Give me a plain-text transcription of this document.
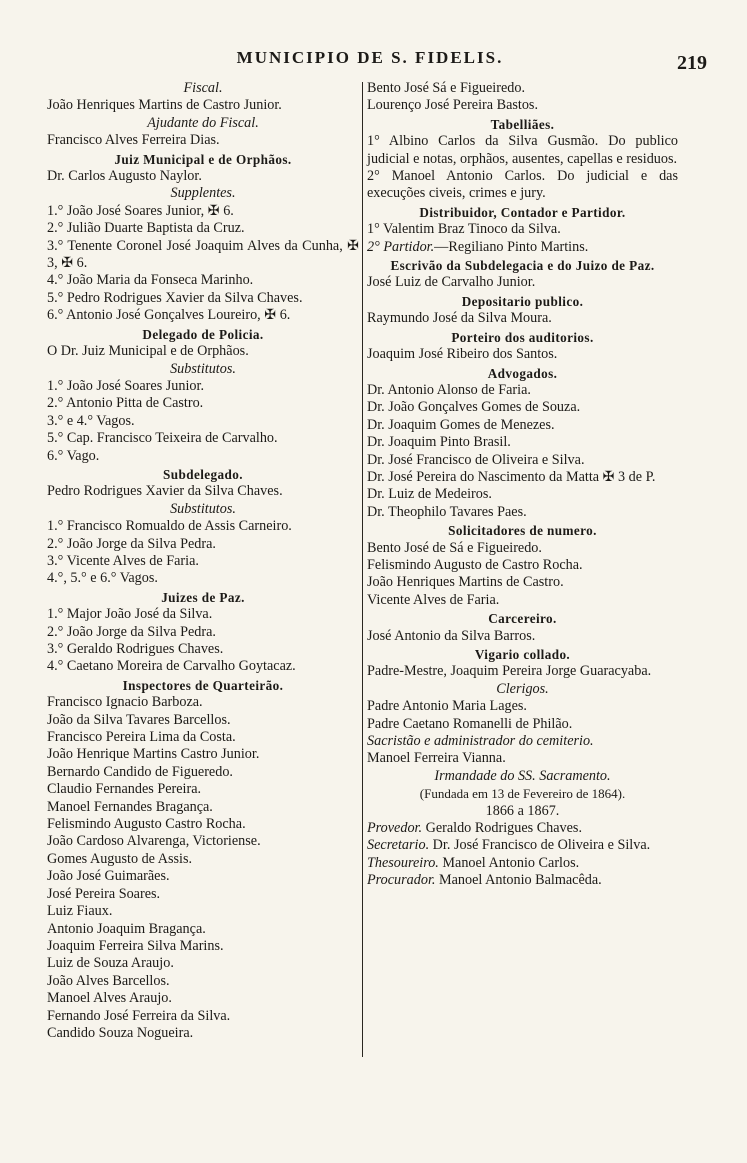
MUNICIPIO DE S. FIDELIS.	219
Fiscal.
João Henriques Martins de Castro Junior.
Ajudante do Fiscal.
Francisco Alves Ferreira Dias.
Juiz Municipal e de Orphãos.
Dr. Carlos Augusto Naylor.
Supplentes.
1.° João José Soares Junior, ✠ 6.
2.° Julião Duarte Baptista da Cruz.
3.° Tenente Coronel José Joaquim Alves da Cunha, ✠ 3, ✠ 6.
4.° João Maria da Fonseca Marinho.
5.° Pedro Rodrigues Xavier da Silva Chaves.
6.° Antonio José Gonçalves Loureiro, ✠ 6.
Delegado de Policia.
O Dr. Juiz Municipal e de Orphãos.
Substitutos.
1.° João José Soares Junior.
2.° Antonio Pitta de Castro.
3.° e 4.° Vagos.
5.° Cap. Francisco Teixeira de Carvalho.
6.° Vago.
Subdelegado.
Pedro Rodrigues Xavier da Silva Chaves.
Substitutos.
1.° Francisco Romualdo de Assis Carneiro.
2.° João Jorge da Silva Pedra.
3.° Vicente Alves de Faria.
4.°, 5.° e 6.° Vagos.
Juizes de Paz.
1.° Major João José da Silva.
2.° João Jorge da Silva Pedra.
3.° Geraldo Rodrigues Chaves.
4.° Caetano Moreira de Carvalho Goytacaz.
Inspectores de Quarteirão.
Francisco Ignacio Barboza.
João da Silva Tavares Barcellos.
Francisco Pereira Lima da Costa.
João Henrique Martins Castro Junior.
Bernardo Candido de Figueredo.
Claudio Fernandes Pereira.
Manoel Fernandes Bragança.
Felismindo Augusto Castro Rocha.
João Cardoso Alvarenga, Victoriense.
Gomes Augusto de Assis.
João José Guimarães.
José Pereira Soares.
Luiz Fiaux.
Antonio Joaquim Bragança.
Joaquim Ferreira Silva Marins.
Luiz de Souza Araujo.
João Alves Barcellos.
Manoel Alves Araujo.
Fernando José Ferreira da Silva.
Candido Souza Nogueira.
Bento José Sá e Figueiredo.
Lourenço José Pereira Bastos.
Tabelliães.
1° Albino Carlos da Silva Gusmão. Do publico judicial e notas, orphãos, ausentes, capellas e residuos.
2° Manoel Antonio Carlos. Do judicial e das execuções civeis, crimes e jury.
Distribuidor, Contador e Partidor.
1° Valentim Braz Tinoco da Silva.
2° Partidor.—Regiliano Pinto Martins.
Escrivão da Subdelegacia e do Juizo de Paz.
José Luiz de Carvalho Junior.
Depositario publico.
Raymundo José da Silva Moura.
Porteiro dos auditorios.
Joaquim José Ribeiro dos Santos.
Advogados.
Dr. Antonio Alonso de Faria.
Dr. João Gonçalves Gomes de Souza.
Dr. Joaquim Gomes de Menezes.
Dr. Joaquim Pinto Brasil.
Dr. José Francisco de Oliveira e Silva.
Dr. José Pereira do Nascimento da Matta ✠ 3 de P.
Dr. Luiz de Medeiros.
Dr. Theophilo Tavares Paes.
Solicitadores de numero.
Bento José de Sá e Figueiredo.
Felismindo Augusto de Castro Rocha.
João Henriques Martins de Castro.
Vicente Alves de Faria.
Carcereiro.
José Antonio da Silva Barros.
Vigario collado.
Padre-Mestre, Joaquim Pereira Jorge Guaracyaba.
Clerigos.
Padre Antonio Maria Lages.
Padre Caetano Romanelli de Philão.
Sacristão e administrador do cemiterio.
Manoel Ferreira Vianna.
Irmandade do SS. Sacramento.
(Fundada em 13 de Fevereiro de 1864).
1866 a 1867.
Provedor. Geraldo Rodrigues Chaves.
Secretario. Dr. José Francisco de Oliveira e Silva.
Thesoureiro. Manoel Antonio Carlos.
Procurador. Manoel Antonio Balmacêda.
